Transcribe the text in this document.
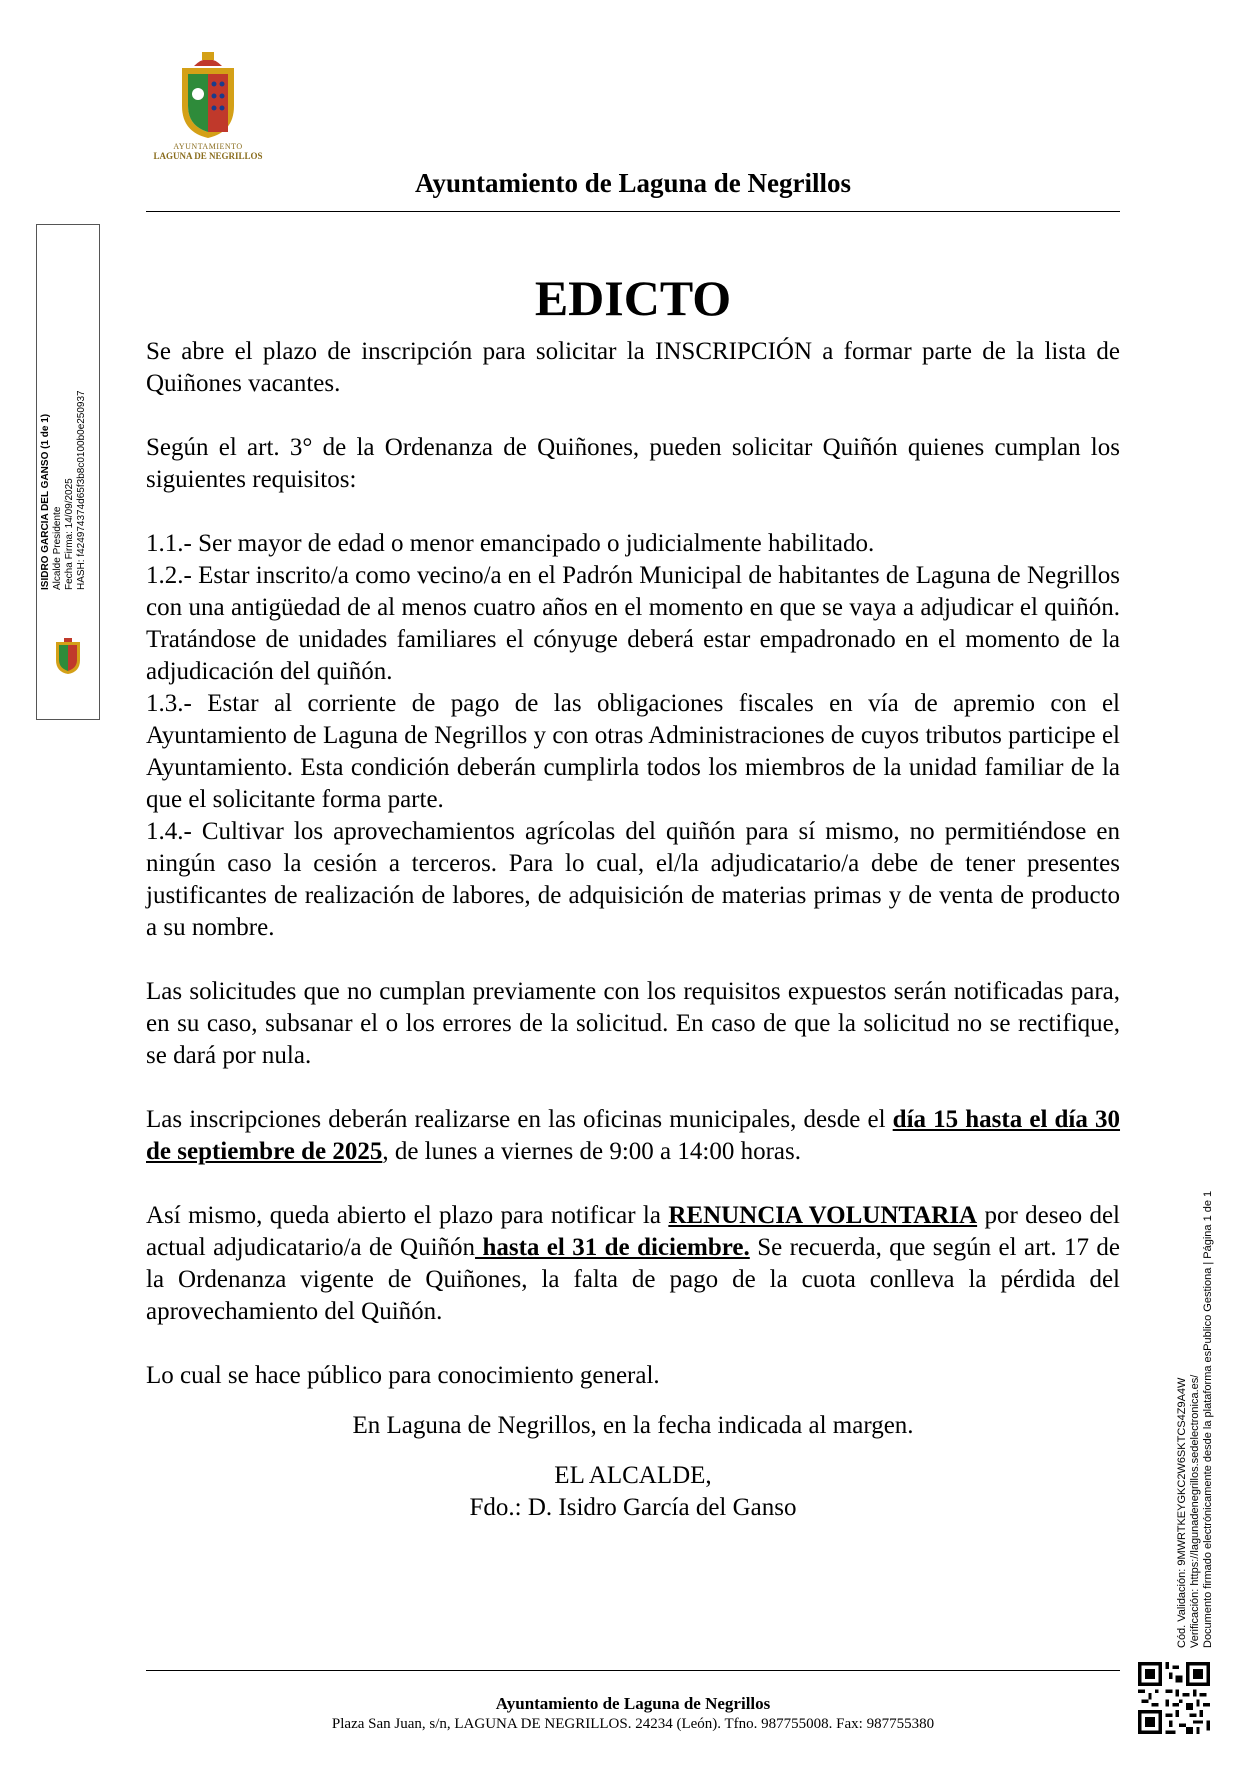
AYUNTAMIENTO
LAGUNA DE NEGRILLOS
Ayuntamiento de Laguna de Negrillos
ISIDRO GARCIA DEL GANSO (1 de 1) Alcalde Presidente Fecha Firma: 14/09/2025 HASH: f424974374d65f3b8c0100b0e250937
EDICTO

Se abre el plazo de inscripción para solicitar la INSCRIPCIÓN a formar parte de la lista de Quiñones vacantes.

Según el art. 3° de la Ordenanza de Quiñones, pueden solicitar Quiñón quienes cumplan los siguientes requisitos:

1.1.- Ser mayor de edad o menor emancipado o judicialmente habilitado.

1.2.- Estar inscrito/a como vecino/a en el Padrón Municipal de habitantes de Laguna de Negrillos con una antigüedad de al menos cuatro años en el momento en que se vaya a adjudicar el quiñón. Tratándose de unidades familiares el cónyuge deberá estar empadronado en el momento de la adjudicación del quiñón.

1.3.- Estar al corriente de pago de las obligaciones fiscales en vía de apremio con el Ayuntamiento de Laguna de Negrillos y con otras Administraciones de cuyos tributos participe el Ayuntamiento. Esta condición deberán cumplirla todos los miembros de la unidad familiar de la que el solicitante forma parte.

1.4.- Cultivar los aprovechamientos agrícolas del quiñón para sí mismo, no permitiéndose en ningún caso la cesión a terceros. Para lo cual, el/la adjudicatario/a debe de tener presentes justificantes de realización de labores, de adquisición de materias primas y de venta de producto a su nombre.

Las solicitudes que no cumplan previamente con los requisitos expuestos serán notificadas para, en su caso, subsanar el o los errores de la solicitud. En caso de que la solicitud no se rectifique, se dará por nula.

Las inscripciones deberán realizarse en las oficinas municipales, desde el día 15 hasta el día 30 de septiembre de 2025, de lunes a viernes de 9:00 a 14:00 horas.

Así mismo, queda abierto el plazo para notificar la RENUNCIA VOLUNTARIA por deseo del actual adjudicatario/a de Quiñón hasta el 31 de diciembre. Se recuerda, que según el art. 17 de la Ordenanza vigente de Quiñones, la falta de pago de la cuota conlleva la pérdida del aprovechamiento del Quiñón.

Lo cual se hace público para conocimiento general.

En Laguna de Negrillos, en la fecha indicada al margen.

EL ALCALDE,

Fdo.: D. Isidro García del Ganso

Ayuntamiento de Laguna de Negrillos
Plaza San Juan, s/n, LAGUNA DE NEGRILLOS. 24234 (León). Tfno. 987755008. Fax: 987755380
Cód. Validación: 9MWRTKEYGKC2W6SKTCS4Z9A4W Verificación: https://lagunadenegrillos.sedelectronica.es/ Documento firmado electrónicamente desde la plataforma esPublico Gestiona | Página 1 de 1
